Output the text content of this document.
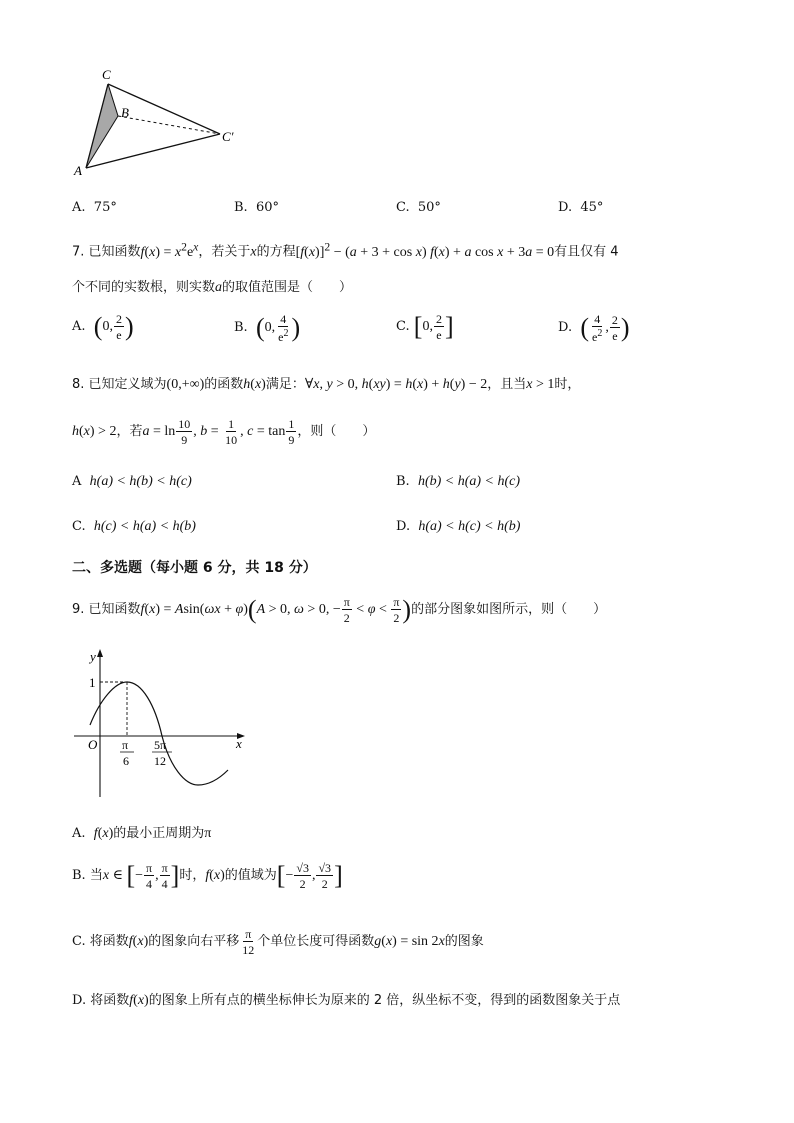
C
B
A
C′
A. 75°	B. 60°	C. 50°	D. 45°
7. 已知函数$f(x) = x^2e^x$，若关于x的方程$[f(x)]^2 - (a + 3 + \cos x) f(x) + a$ cos x + 3a = 0有且仅有 4
个不同的实数根，则实数a的取值范围是（　　）
A. (0, $\frac{2}{e}$ )	B. (0, $\frac{4}{e^2}$ )	C. [0, $\frac{2}{e}$ ]	D. ( $\frac{4}{e^2}$ , $\frac{2}{e}$ )
8. 已知定义域为(0,+∞)的函数h(x)满足：∀x, y > 0, h(xy) = h(x) + h(y) − 2，且当x > 1时，
h(x) > 2，若$a = \ln \frac{10}{9}$ , $b = \frac{1}{10}$ , $c = \tan \frac{1}{9}$ ，则（　　）
A h(a) < h(b) < h(c)	B. h(b) < h(a) < h(c)
C. h(c) < h(a) < h(b)	D. h(a) < h(c) < h(b)
二、多选题（每小题 6 分，共 18 分）
9. 已知函数f(x) = Asin(ωx + φ)(A > 0, ω > 0, − $\frac{\pi}{2} < \varphi < \frac{\pi}{2}$ )的部分图象如图所示，则（　　）
y
x
O
1
π
6
5π
12
A. f(x)的最小正周期为π
B. 当x ∈ [− $\frac{\pi}{4}$ , $\frac{\pi}{4}$ ]时，f(x)的值域为[− $\frac{√3}{2}$ , $\frac{√3}{2}$ ]
C. 将函数f(x)的图象向右平移 $\frac{\pi}{12}$ 个单位长度可得函数g(x) = sin 2x的图象
D. 将函数f(x)的图象上所有点的横坐标伸长为原来的 2 倍，纵坐标不变，得到的函数图象关于点
